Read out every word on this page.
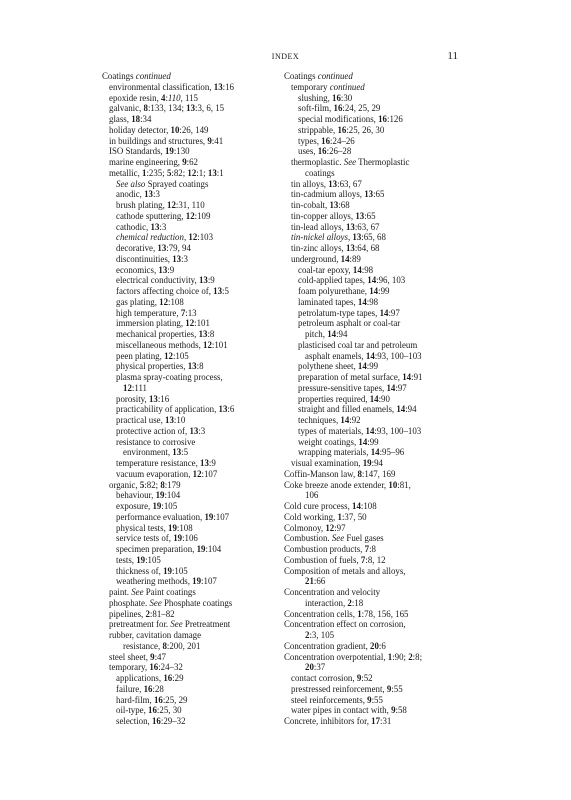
INDEX	11
Coatings continued
environmental classification, 13:16
epoxide resin, 4:110, 115
galvanic, 8:133, 134; 13:3, 6, 15
glass, 18:34
holiday detector, 10:26, 149
in buildings and structures, 9:41
ISO Standards, 19:130
marine engineering, 9:62
metallic, 1:235; 5:82; 12:1; 13:1
See also Sprayed coatings
anodic, 13:3
brush plating, 12:31, 110
cathode sputtering, 12:109
cathodic, 13:3
chemical reduction, 12:103
decorative, 13:79, 94
discontinuities, 13:3
economics, 13:9
electrical conductivity, 13:9
factors affecting choice of, 13:5
gas plating, 12:108
high temperature, 7:13
immersion plating, 12:101
mechanical properties, 13:8
miscellaneous methods, 12:101
peen plating, 12:105
physical properties, 13:8
plasma spray-coating process,
12:111
porosity, 13:16
practicability of application, 13:6
practical use, 13:10
protective action of, 13:3
resistance to corrosive
environment, 13:5
temperature resistance, 13:9
vacuum evaporation, 12:107
organic, 5:82; 8:179
behaviour, 19:104
exposure, 19:105
performance evaluation, 19:107
physical tests, 19:108
service tests of, 19:106
specimen preparation, 19:104
tests, 19:105
thickness of, 19:105
weathering methods, 19:107
paint. See Paint coatings
phosphate. See Phosphate coatings
pipelines, 2:81–82
pretreatment for. See Pretreatment
rubber, cavitation damage
resistance, 8:200, 201
steel sheet, 9:47
temporary, 16:24–32
applications, 16:29
failure, 16:28
hard-film, 16:25, 29
oil-type, 16:25, 30
selection, 16:29–32
Coatings continued
temporary continued
slushing, 16:30
soft-film, 16:24, 25, 29
special modifications, 16:126
strippable, 16:25, 26, 30
types, 16:24–26
uses, 16:26–28
thermoplastic. See Thermoplastic
coatings
tin alloys, 13:63, 67
tin-cadmium alloys, 13:65
tin-cobalt, 13:68
tin-copper alloys, 13:65
tin-lead alloys, 13:63, 67
tin-nickel alloys, 13:65, 68
tin-zinc alloys, 13:64, 68
underground, 14:89
coal-tar epoxy, 14:98
cold-applied tapes, 14:96, 103
foam polyurethane, 14:99
laminated tapes, 14:98
petrolatum-type tapes, 14:97
petroleum asphalt or coal-tar
pitch, 14:94
plasticised coal tar and petroleum
asphalt enamels, 14:93, 100–103
polythene sheet, 14:99
preparation of metal surface, 14:91
pressure-sensitive tapes, 14:97
properties required, 14:90
straight and filled enamels, 14:94
techniques, 14:92
types of materials, 14:93, 100–103
weight coatings, 14:99
wrapping materials, 14:95–96
visual examination, 19:94
Coffin-Manson law, 8:147, 169
Coke breeze anode extender, 10:81,
106
Cold cure process, 14:108
Cold working, 1:37, 50
Colmonoy, 12:97
Combustion. See Fuel gases
Combustion products, 7:8
Combustion of fuels, 7:8, 12
Composition of metals and alloys,
21:66
Concentration and velocity
interaction, 2:18
Concentration cells, 1:78, 156, 165
Concentration effect on corrosion,
2:3, 105
Concentration gradient, 20:6
Concentration overpotential, 1:90; 2:8;
20:37
contact corrosion, 9:52
prestressed reinforcement, 9:55
steel reinforcements, 9:55
water pipes in contact with, 9:58
Concrete, inhibitors for, 17:31
